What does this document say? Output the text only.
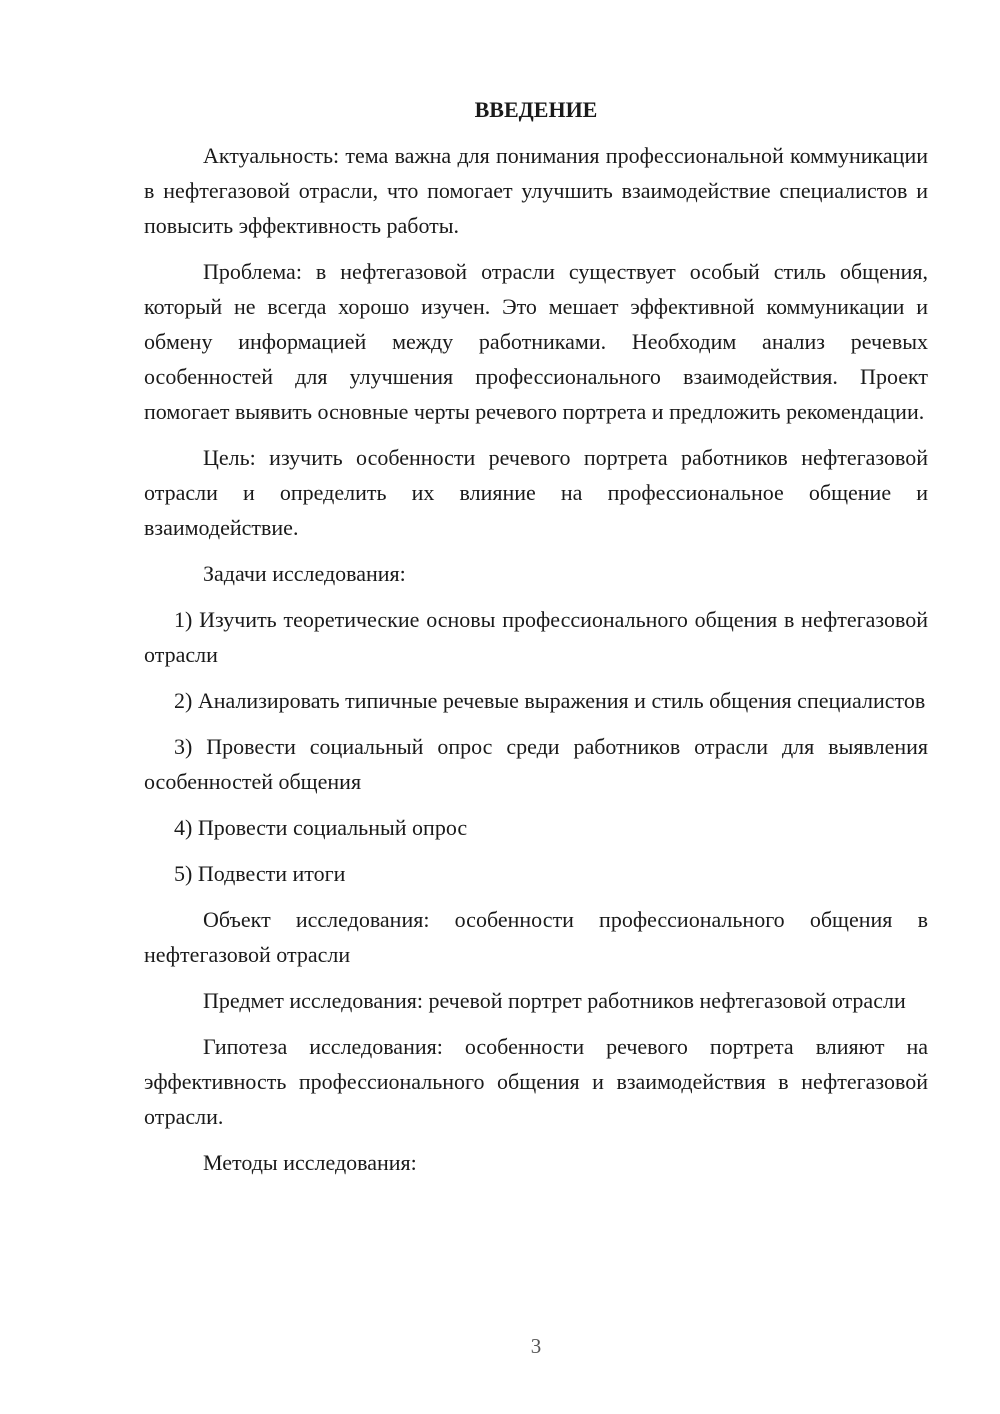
ВВЕДЕНИЕ

Актуальность: тема важна для понимания профессиональной коммуникации в нефтегазовой отрасли, что помогает улучшить взаимодействие специалистов и повысить эффективность работы.

Проблема: в нефтегазовой отрасли существует особый стиль общения, который не всегда хорошо изучен. Это мешает эффективной коммуникации и обмену информацией между работниками. Необходим анализ речевых особенностей для улучшения профессионального взаимодействия. Проект помогает выявить основные черты речевого портрета и предложить рекомендации.

Цель: изучить особенности речевого портрета работников нефтегазовой отрасли и определить их влияние на профессиональное общение и взаимодействие.

Задачи исследования:

1) Изучить теоретические основы профессионального общения в нефтегазовой отрасли

2) Анализировать типичные речевые выражения и стиль общения специалистов

3) Провести социальный опрос среди работников отрасли для выявления особенностей общения

4) Провести социальный опрос

5) Подвести итоги

Объект исследования: особенности профессионального общения в нефтегазовой отрасли

Предмет исследования: речевой портрет работников нефтегазовой отрасли

Гипотеза исследования: особенности речевого портрета влияют на эффективность профессионального общения и взаимодействия в нефтегазовой отрасли.

Методы исследования:

3
